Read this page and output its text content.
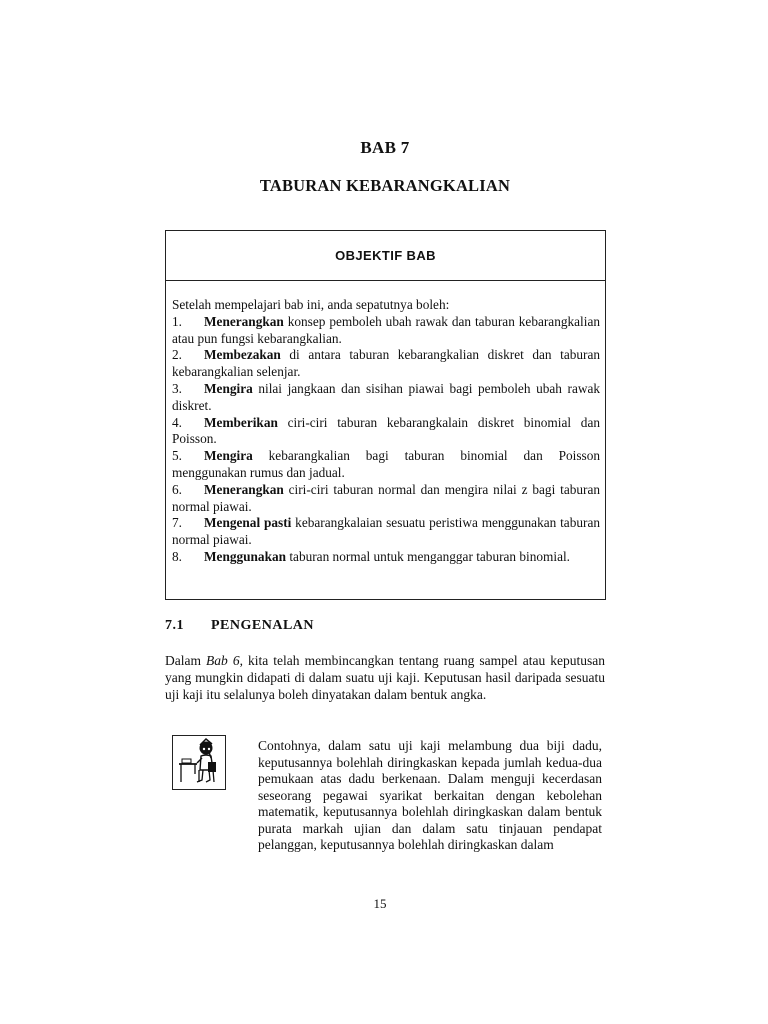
BAB 7
TABURAN KEBARANGKALIAN
OBJEKTIF BAB
Setelah mempelajari bab ini, anda sepatutnya boleh:
1. Menerangkan konsep pemboleh ubah rawak dan taburan kebarangkalian atau pun fungsi kebarangkalian.
2. Membezakan di antara taburan kebarangkalian diskret dan taburan kebarangkalian selenjar.
3. Mengira nilai jangkaan dan sisihan piawai bagi pemboleh ubah rawak diskret.
4. Memberikan ciri-ciri taburan kebarangkalain diskret binomial dan Poisson.
5. Mengira kebarangkalian bagi taburan binomial dan Poisson menggunakan rumus dan jadual.
6. Menerangkan ciri-ciri taburan normal dan mengira nilai z bagi taburan normal piawai.
7. Mengenal pasti kebarangkalaian sesuatu peristiwa menggunakan taburan normal piawai.
8. Menggunakan taburan normal untuk menganggar taburan binomial.
7.1 PENGENALAN
Dalam Bab 6, kita telah membincangkan tentang ruang sampel atau keputusan yang mungkin didapati di dalam suatu uji kaji. Keputusan hasil daripada sesuatu uji kaji itu selalunya boleh dinyatakan dalam bentuk angka.
Contohnya, dalam satu uji kaji melambung dua biji dadu, keputusannya bolehlah diringkaskan kepada jumlah kedua-dua pemukaan atas dadu berkenaan. Dalam menguji kecerdasan seseorang pegawai syarikat berkaitan dengan kebolehan matematik, keputusannya bolehlah diringkaskan dalam bentuk purata markah ujian dan dalam satu tinjauan pendapat pelanggan, keputusannya bolehlah diringkaskan dalam
15
